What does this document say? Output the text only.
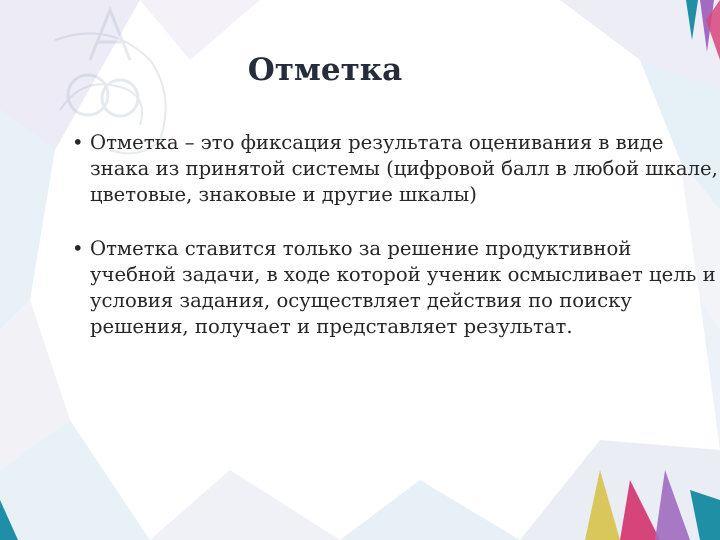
Отметка

• Отметка – это фиксация результата оценивания в виде знака из принятой системы (цифровой балл в любой шкале, цветовые, знаковые и другие шкалы)

• Отметка ставится только за решение продуктивной учебной задачи, в ходе которой ученик осмысливает цель и условия задания, осуществляет действия по поиску решения, получает и представляет результат.
